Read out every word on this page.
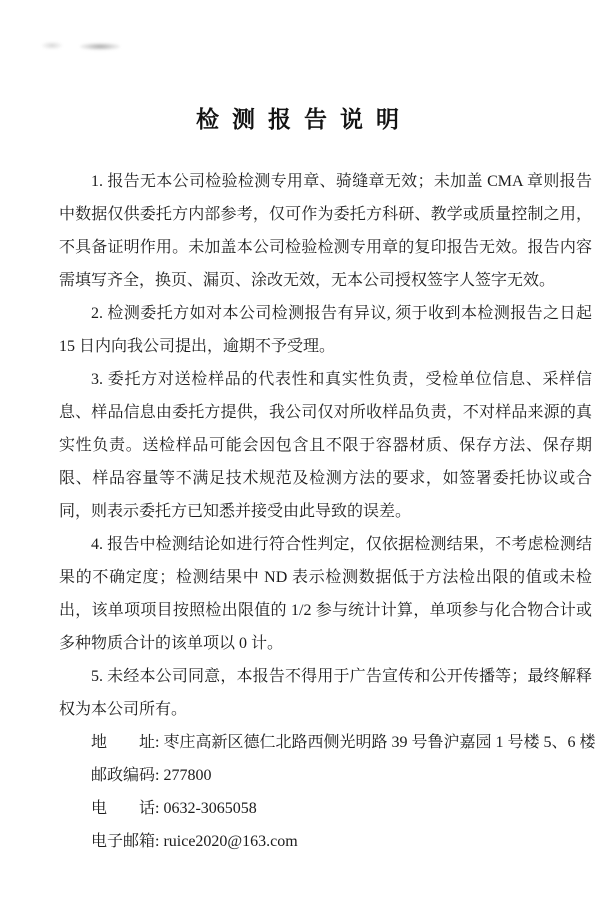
检测报告说明

1. 报告无本公司检验检测专用章、骑缝章无效；未加盖 CMA 章则报告中数据仅供委托方内部参考，仅可作为委托方科研、教学或质量控制之用，不具备证明作用。未加盖本公司检验检测专用章的复印报告无效。报告内容需填写齐全，换页、漏页、涂改无效，无本公司授权签字人签字无效。

2. 检测委托方如对本公司检测报告有异议, 须于收到本检测报告之日起 15 日内向我公司提出，逾期不予受理。

3. 委托方对送检样品的代表性和真实性负责，受检单位信息、采样信息、样品信息由委托方提供，我公司仅对所收样品负责，不对样品来源的真实性负责。送检样品可能会因包含且不限于容器材质、保存方法、保存期限、样品容量等不满足技术规范及检测方法的要求，如签署委托协议或合同，则表示委托方已知悉并接受由此导致的误差。

4. 报告中检测结论如进行符合性判定，仅依据检测结果，不考虑检测结果的不确定度；检测结果中 ND 表示检测数据低于方法检出限的值或未检出，该单项项目按照检出限值的 1/2 参与统计计算，单项参与化合物合计或多种物质合计的该单项以 0 计。

5. 未经本公司同意，本报告不得用于广告宣传和公开传播等；最终解释权为本公司所有。

地　　址: 枣庄高新区德仁北路西侧光明路 39 号鲁沪嘉园 1 号楼 5、6 楼

邮政编码: 277800

电　　话: 0632-3065058

电子邮箱: ruice2020@163.com
